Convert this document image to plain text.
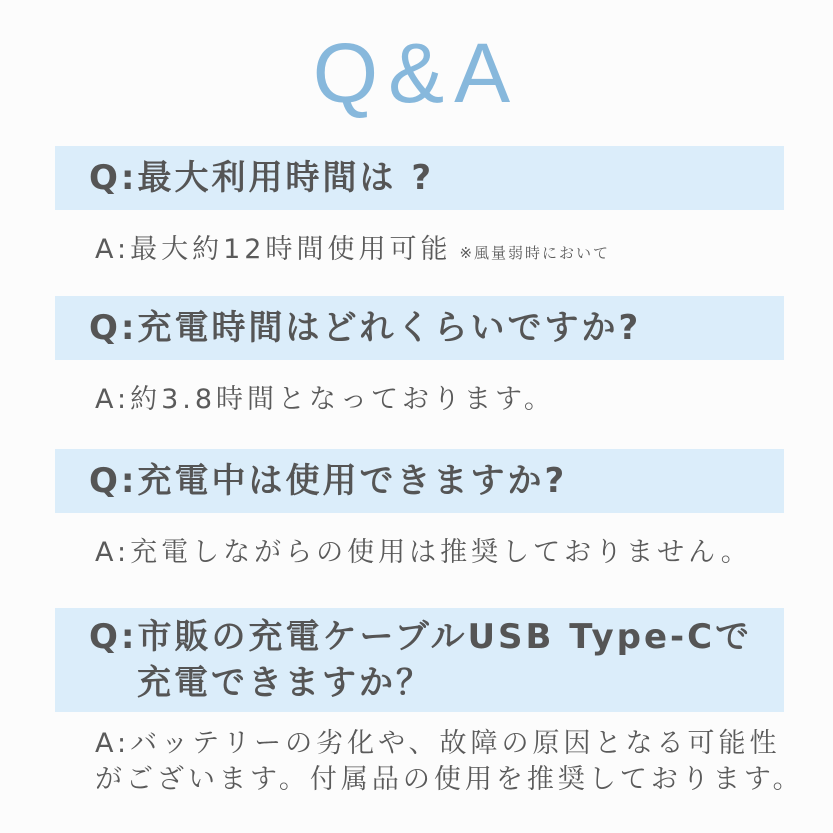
Q&A
Q:最大利用時間は ?
A:最大約12時間使用可能 ※風量弱時において
Q:充電時間はどれくらいですか?
A:約3.8時間となっております。
Q:充電中は使用できますか?
A:充電しながらの使用は推奨しておりません。
Q:市販の充電ケーブルUSB Type-Cで
充電できますか？
A:バッテリーの劣化や、故障の原因となる可能性
がございます。付属品の使用を推奨しております。
